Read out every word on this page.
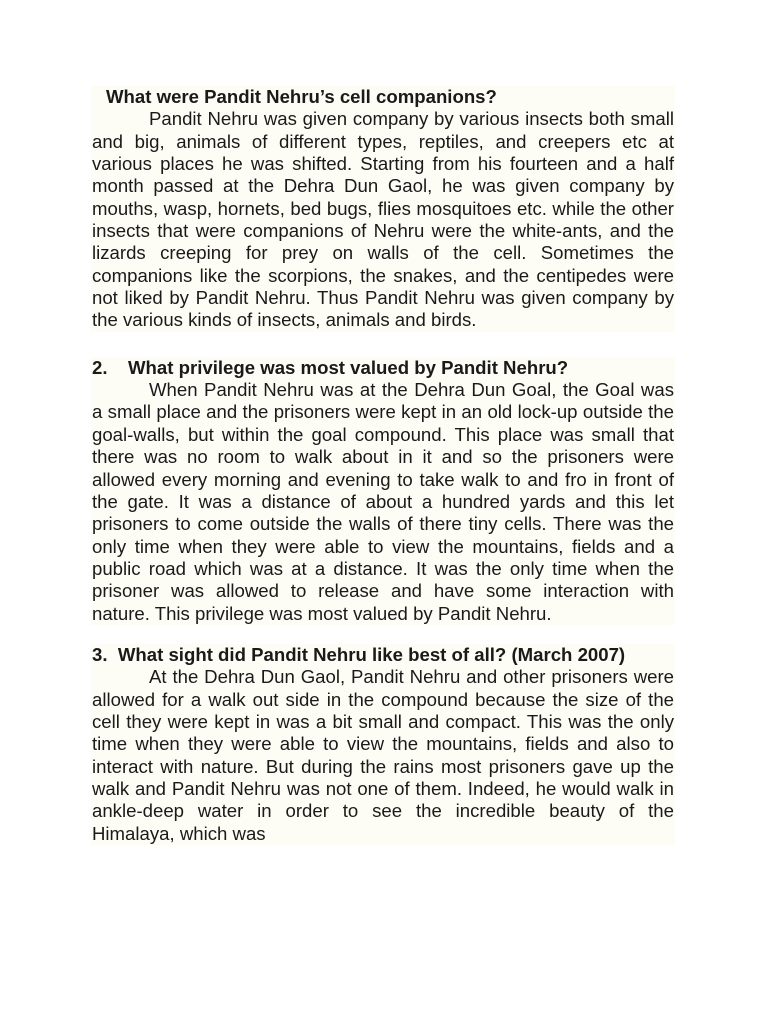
What were Pandit Nehru’s cell companions?

Pandit Nehru was given company by various insects both small and big, animals of different types, reptiles, and creepers etc at various places he was shifted. Starting from his fourteen and a half month passed at the Dehra Dun Gaol, he was given company by mouths, wasp, hornets, bed bugs, flies mosquitoes etc. while the other insects that were companions of Nehru were the white-ants, and the lizards creeping for prey on walls of the cell. Sometimes the companions like the scorpions, the snakes, and the centipedes were not liked by Pandit Nehru. Thus Pandit Nehru was given company by the various kinds of insects, animals and birds.

2. What privilege was most valued by Pandit Nehru?

When Pandit Nehru was at the Dehra Dun Goal, the Goal was a small place and the prisoners were kept in an old lock-up outside the goal-walls, but within the goal compound. This place was small that there was no room to walk about in it and so the prisoners were allowed every morning and evening to take walk to and fro in front of the gate. It was a distance of about a hundred yards and this let prisoners to come outside the walls of there tiny cells. There was the only time when they were able to view the mountains, fields and a public road which was at a distance. It was the only time when the prisoner was allowed to release and have some interaction with nature. This privilege was most valued by Pandit Nehru.

3. What sight did Pandit Nehru like best of all? (March 2007)

At the Dehra Dun Gaol, Pandit Nehru and other prisoners were allowed for a walk out side in the compound because the size of the cell they were kept in was a bit small and compact. This was the only time when they were able to view the mountains, fields and also to interact with nature. But during the rains most prisoners gave up the walk and Pandit Nehru was not one of them. Indeed, he would walk in ankle-deep water in order to see the incredible beauty of the Himalaya, which was
